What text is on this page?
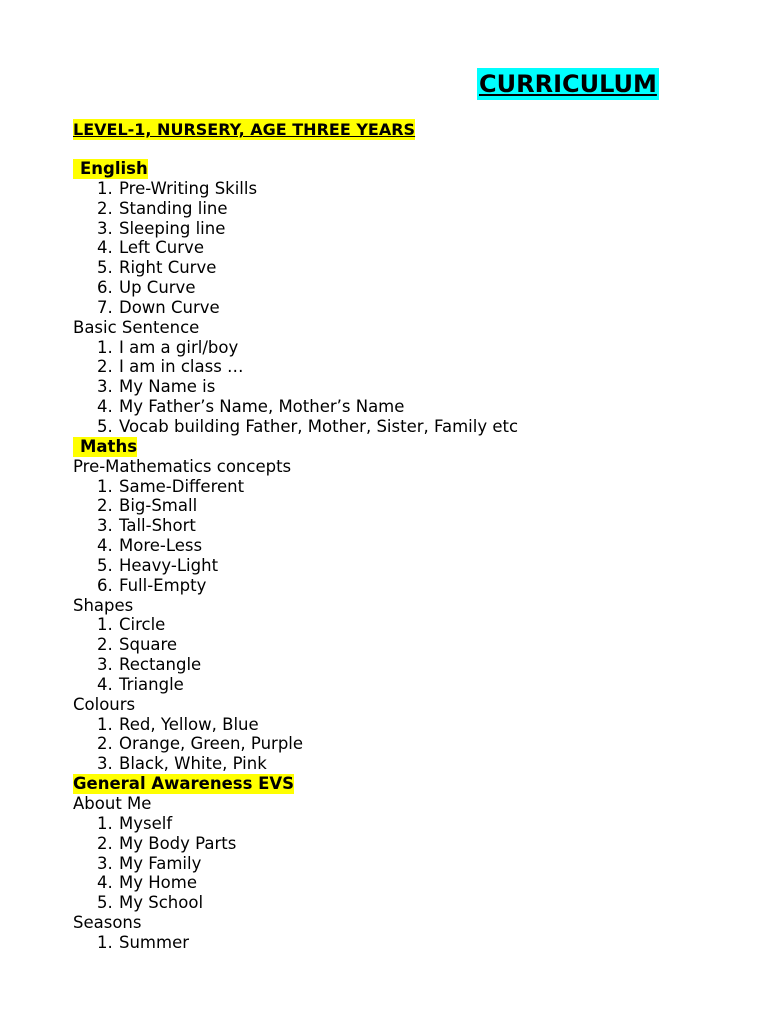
CURRICULUM
LEVEL-1, NURSERY, AGE THREE YEARS
English
1. Pre-Writing Skills
2. Standing line
3. Sleeping line
4. Left Curve
5. Right Curve
6. Up Curve
7. Down Curve
Basic Sentence
1. I am a girl/boy
2. I am in class …
3. My Name is
4. My Father’s Name, Mother’s Name
5. Vocab building Father, Mother, Sister, Family etc
Maths
Pre-Mathematics concepts
1. Same-Different
2. Big-Small
3. Tall-Short
4. More-Less
5. Heavy-Light
6. Full-Empty
Shapes
1. Circle
2. Square
3. Rectangle
4. Triangle
Colours
1. Red, Yellow, Blue
2. Orange, Green, Purple
3. Black, White, Pink
General Awareness EVS
About Me
1. Myself
2. My Body Parts
3. My Family
4. My Home
5. My School
Seasons
1. Summer
